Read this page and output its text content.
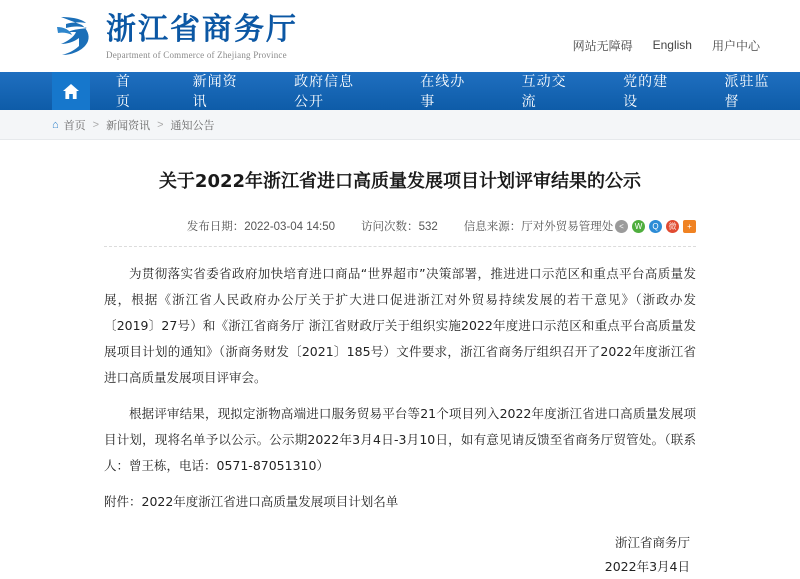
浙江省商务厅
Department of Commerce of Zhejiang Province
网站无障碍 English 用户中心
首页
新闻资讯
政府信息公开
在线办事
互动交流
党的建设
派驻监督
⌂ 首页 > 新闻资讯 > 通知公告
关于2022年浙江省进口高质量发展项目计划评审结果的公示
发布日期：2022-03-04 14:50 访问次数：532 信息来源：厅对外贸易管理处 <	W	Q	微	+

为贯彻落实省委省政府加快培育进口商品“世界超市”决策部署，推进进口示范区和重点平台高质量发展，根据《浙江省人民政府办公厅关于扩大进口促进浙江对外贸易持续发展的若干意见》（浙政办发〔2019〕27号）和《浙江省商务厅 浙江省财政厅关于组织实施2022年度进口示范区和重点平台高质量发展项目计划的通知》（浙商务财发〔2021〕185号）文件要求，浙江省商务厅组织召开了2022年度浙江省进口高质量发展项目评审会。

根据评审结果，现拟定浙物高端进口服务贸易平台等21个项目列入2022年度浙江省进口高质量发展项目计划，现将名单予以公示。公示期2022年3月4日-3月10日，如有意见请反馈至省商务厅贸管处。（联系人：曾王栋，电话：0571-87051310）

附件：2022年度浙江省进口高质量发展项目计划名单

浙江省商务厅
2022年3月4日
